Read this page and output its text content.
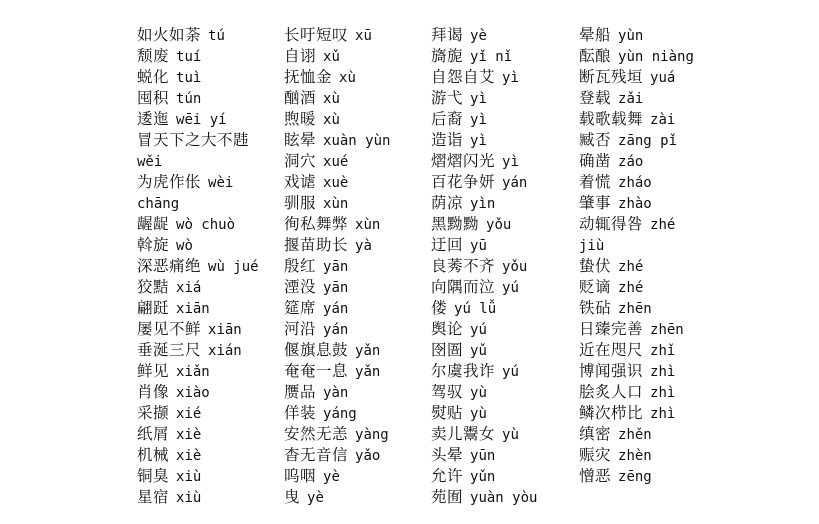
如火如荼 tú
颓废 tuí
蜕化 tuì
囤积 tún
逶迤 wēi yí
冒天下之大不韪
wěi
为虎作伥 wèi
chāng
龌龊 wò chuò
斡旋 wò
深恶痛绝 wù jué
狡黠 xiá
翩跹 xiān
屡见不鲜 xiān
垂涎三尺 xián
鲜见 xiǎn
肖像 xiào
采撷 xié
纸屑 xiè
机械 xiè
铜臭 xiù
星宿 xiù
长吁短叹 xū
自诩 xǔ
抚恤金 xù
酗酒 xù
煦暖 xù
眩晕 xuàn yùn
洞穴 xué
戏谑 xuè
驯服 xùn
徇私舞弊 xùn
揠苗助长 yà
殷红 yān
湮没 yān
筵席 yán
河沿 yán
偃旗息鼓 yǎn
奄奄一息 yǎn
赝品 yàn
佯装 yáng
安然无恙 yàng
杳无音信 yǎo
呜咽 yè
曳 yè
拜谒 yè
旖旎 yǐ nǐ
自怨自艾 yì
游弋 yì
后裔 yì
造诣 yì
熠熠闪光 yì
百花争妍 yán
荫凉 yìn
黑黝黝 yǒu
迂回 yū
良莠不齐 yǒu
向隅而泣 yú
偻 yú lǚ
舆论 yú
囹圄 yǔ
尔虞我诈 yú
驾驭 yù
熨贴 yù
卖儿鬻女 yù
头晕 yūn
允许 yǔn
苑囿 yuàn yòu
晕船 yùn
酝酿 yùn niàng
断瓦残垣 yuá
登载 zǎi
载歌载舞 zài
臧否 zāng pǐ
确凿 záo
着慌 zháo
肇事 zhào
动辄得咎 zhé
jiù
蛰伏 zhé
贬谪 zhé
铁砧 zhēn
日臻完善 zhēn
近在咫尺 zhǐ
博闻强识 zhì
脍炙人口 zhì
鳞次栉比 zhì
缜密 zhěn
赈灾 zhèn
憎恶 zēng
